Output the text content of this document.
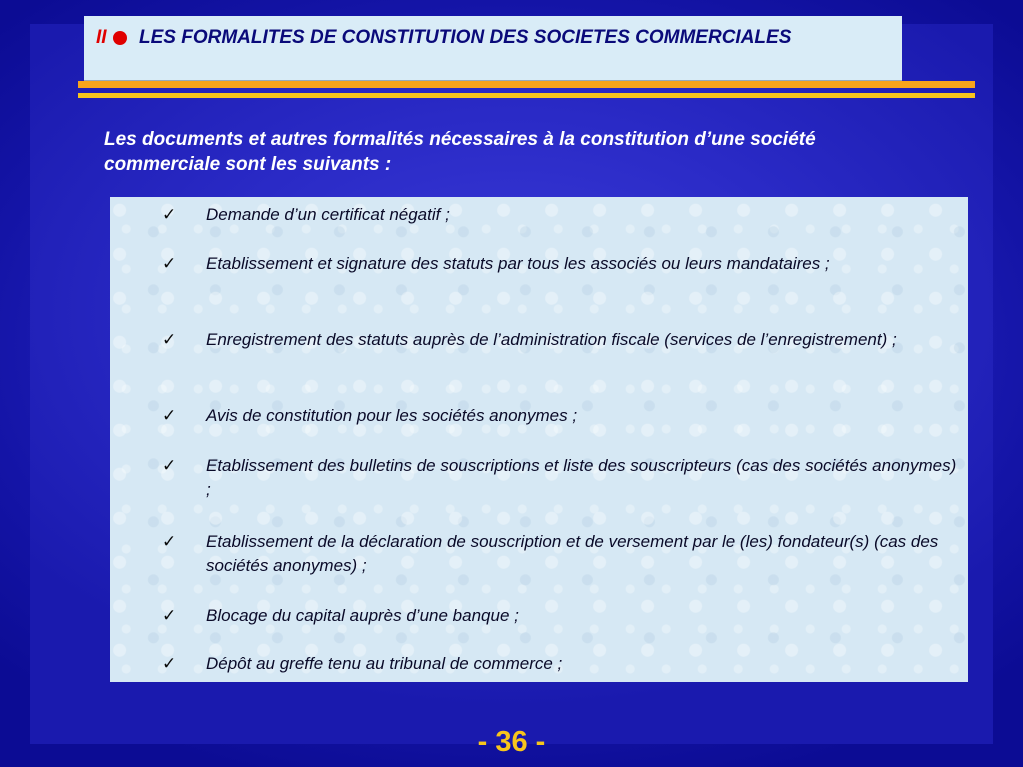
II LES FORMALITES DE CONSTITUTION DES SOCIETES COMMERCIALES
Les documents et autres formalités nécessaires à la constitution d’une société commerciale sont les suivants :
✓ Demande d’un certificat négatif ;
✓ Etablissement et signature des statuts par tous les associés ou leurs mandataires ;
✓ Enregistrement des statuts auprès de l’administration fiscale (services de l’enregistrement) ;
✓ Avis de constitution pour les sociétés anonymes ;
✓ Etablissement des bulletins de souscriptions et liste des souscripteurs (cas des sociétés anonymes) ;
✓ Etablissement de la déclaration de souscription et de versement par le (les) fondateur(s) (cas des sociétés anonymes) ;
✓ Blocage du capital auprès d’une banque ;
✓ Dépôt au greffe tenu au tribunal de commerce ;
- 36 -
